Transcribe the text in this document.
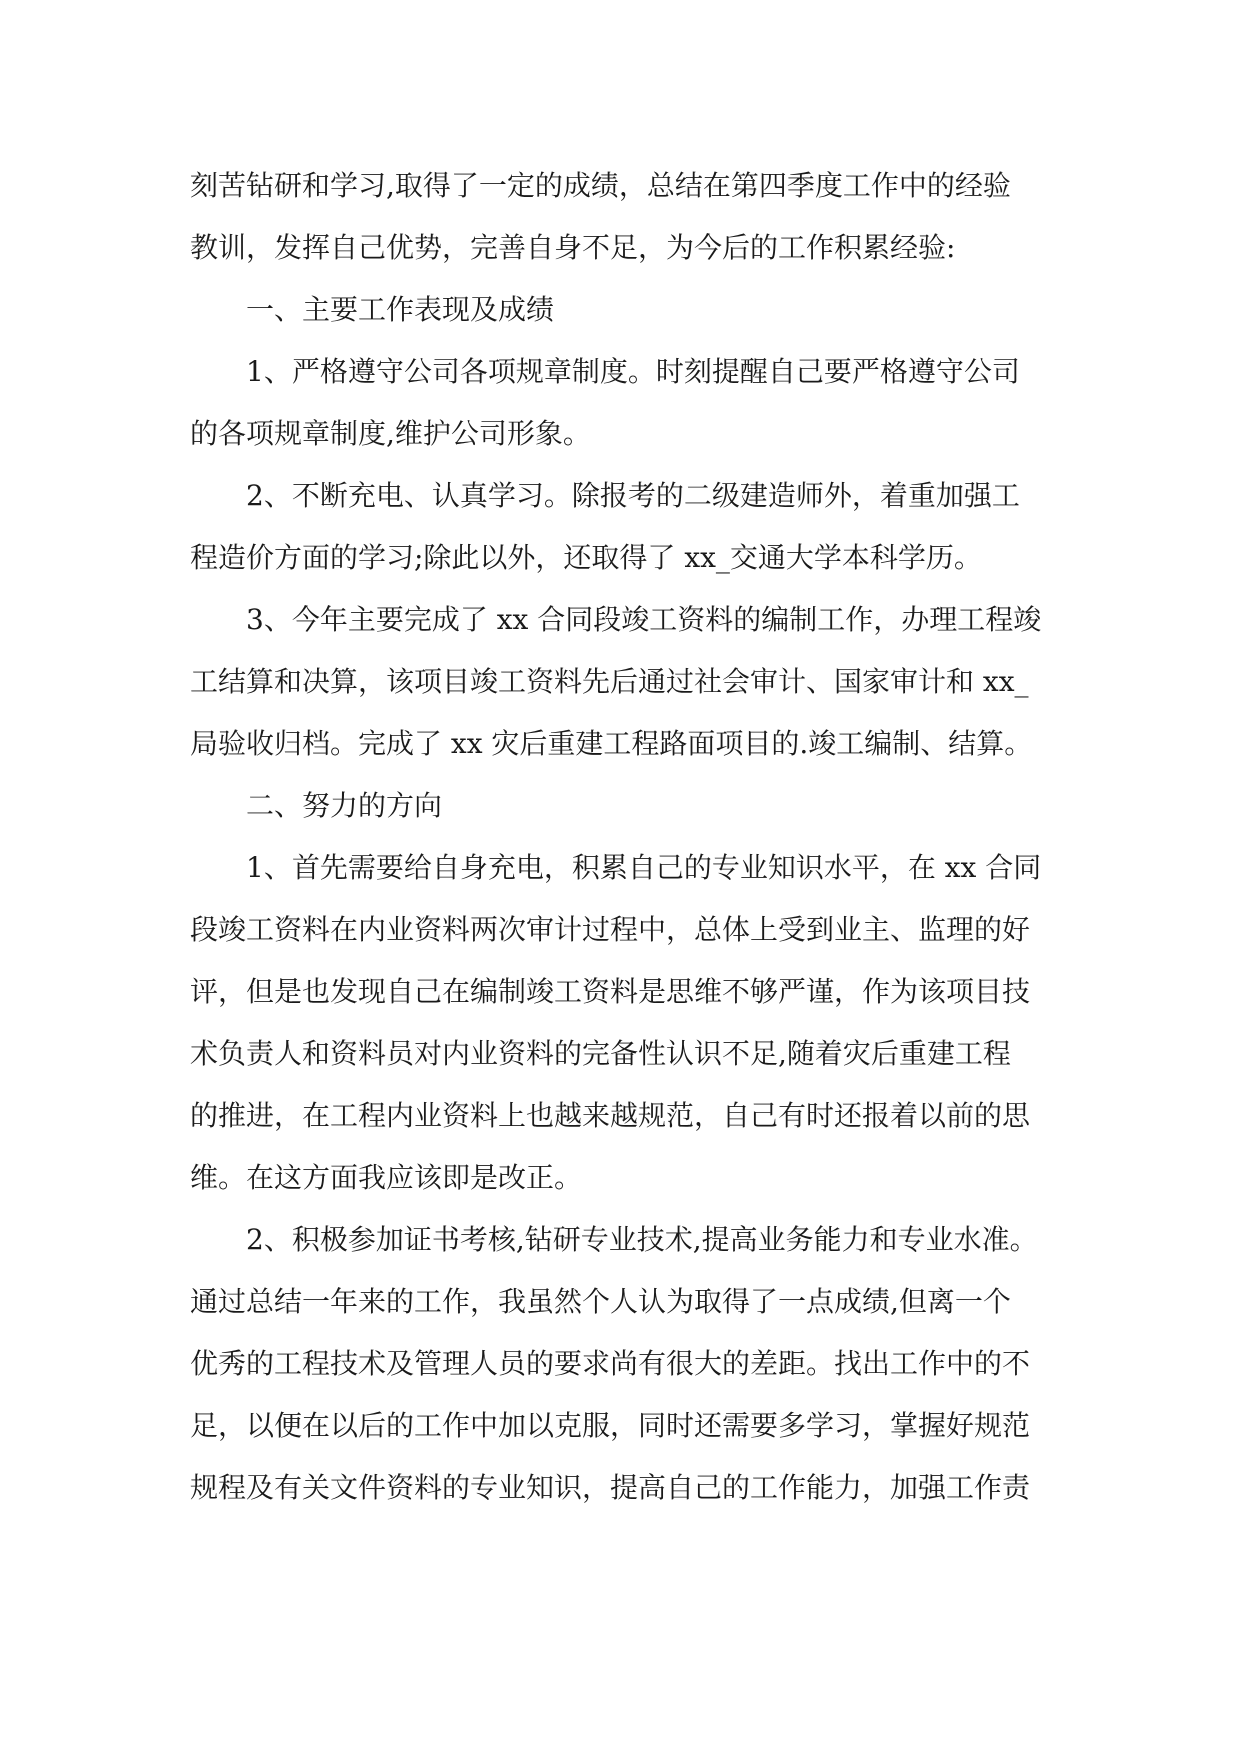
刻苦钻研和学习,取得了一定的成绩，总结在第四季度工作中的经验
教训，发挥自己优势，完善自身不足，为今后的工作积累经验:
一、主要工作表现及成绩
1、严格遵守公司各项规章制度。时刻提醒自己要严格遵守公司
的各项规章制度,维护公司形象。
2、不断充电、认真学习。除报考的二级建造师外，着重加强工
程造价方面的学习;除此以外，还取得了 xx_交通大学本科学历。
3、今年主要完成了 xx 合同段竣工资料的编制工作，办理工程竣
工结算和决算，该项目竣工资料先后通过社会审计、国家审计和 xx_
局验收归档。完成了 xx 灾后重建工程路面项目的.竣工编制、结算。
二、努力的方向
1、首先需要给自身充电，积累自己的专业知识水平，在 xx 合同
段竣工资料在内业资料两次审计过程中，总体上受到业主、监理的好
评，但是也发现自己在编制竣工资料是思维不够严谨，作为该项目技
术负责人和资料员对内业资料的完备性认识不足,随着灾后重建工程
的推进，在工程内业资料上也越来越规范，自己有时还报着以前的思
维。在这方面我应该即是改正。
2、积极参加证书考核,钻研专业技术,提高业务能力和专业水准。
通过总结一年来的工作，我虽然个人认为取得了一点成绩,但离一个
优秀的工程技术及管理人员的要求尚有很大的差距。找出工作中的不
足，以便在以后的工作中加以克服，同时还需要多学习，掌握好规范
规程及有关文件资料的专业知识，提高自己的工作能力，加强工作责
